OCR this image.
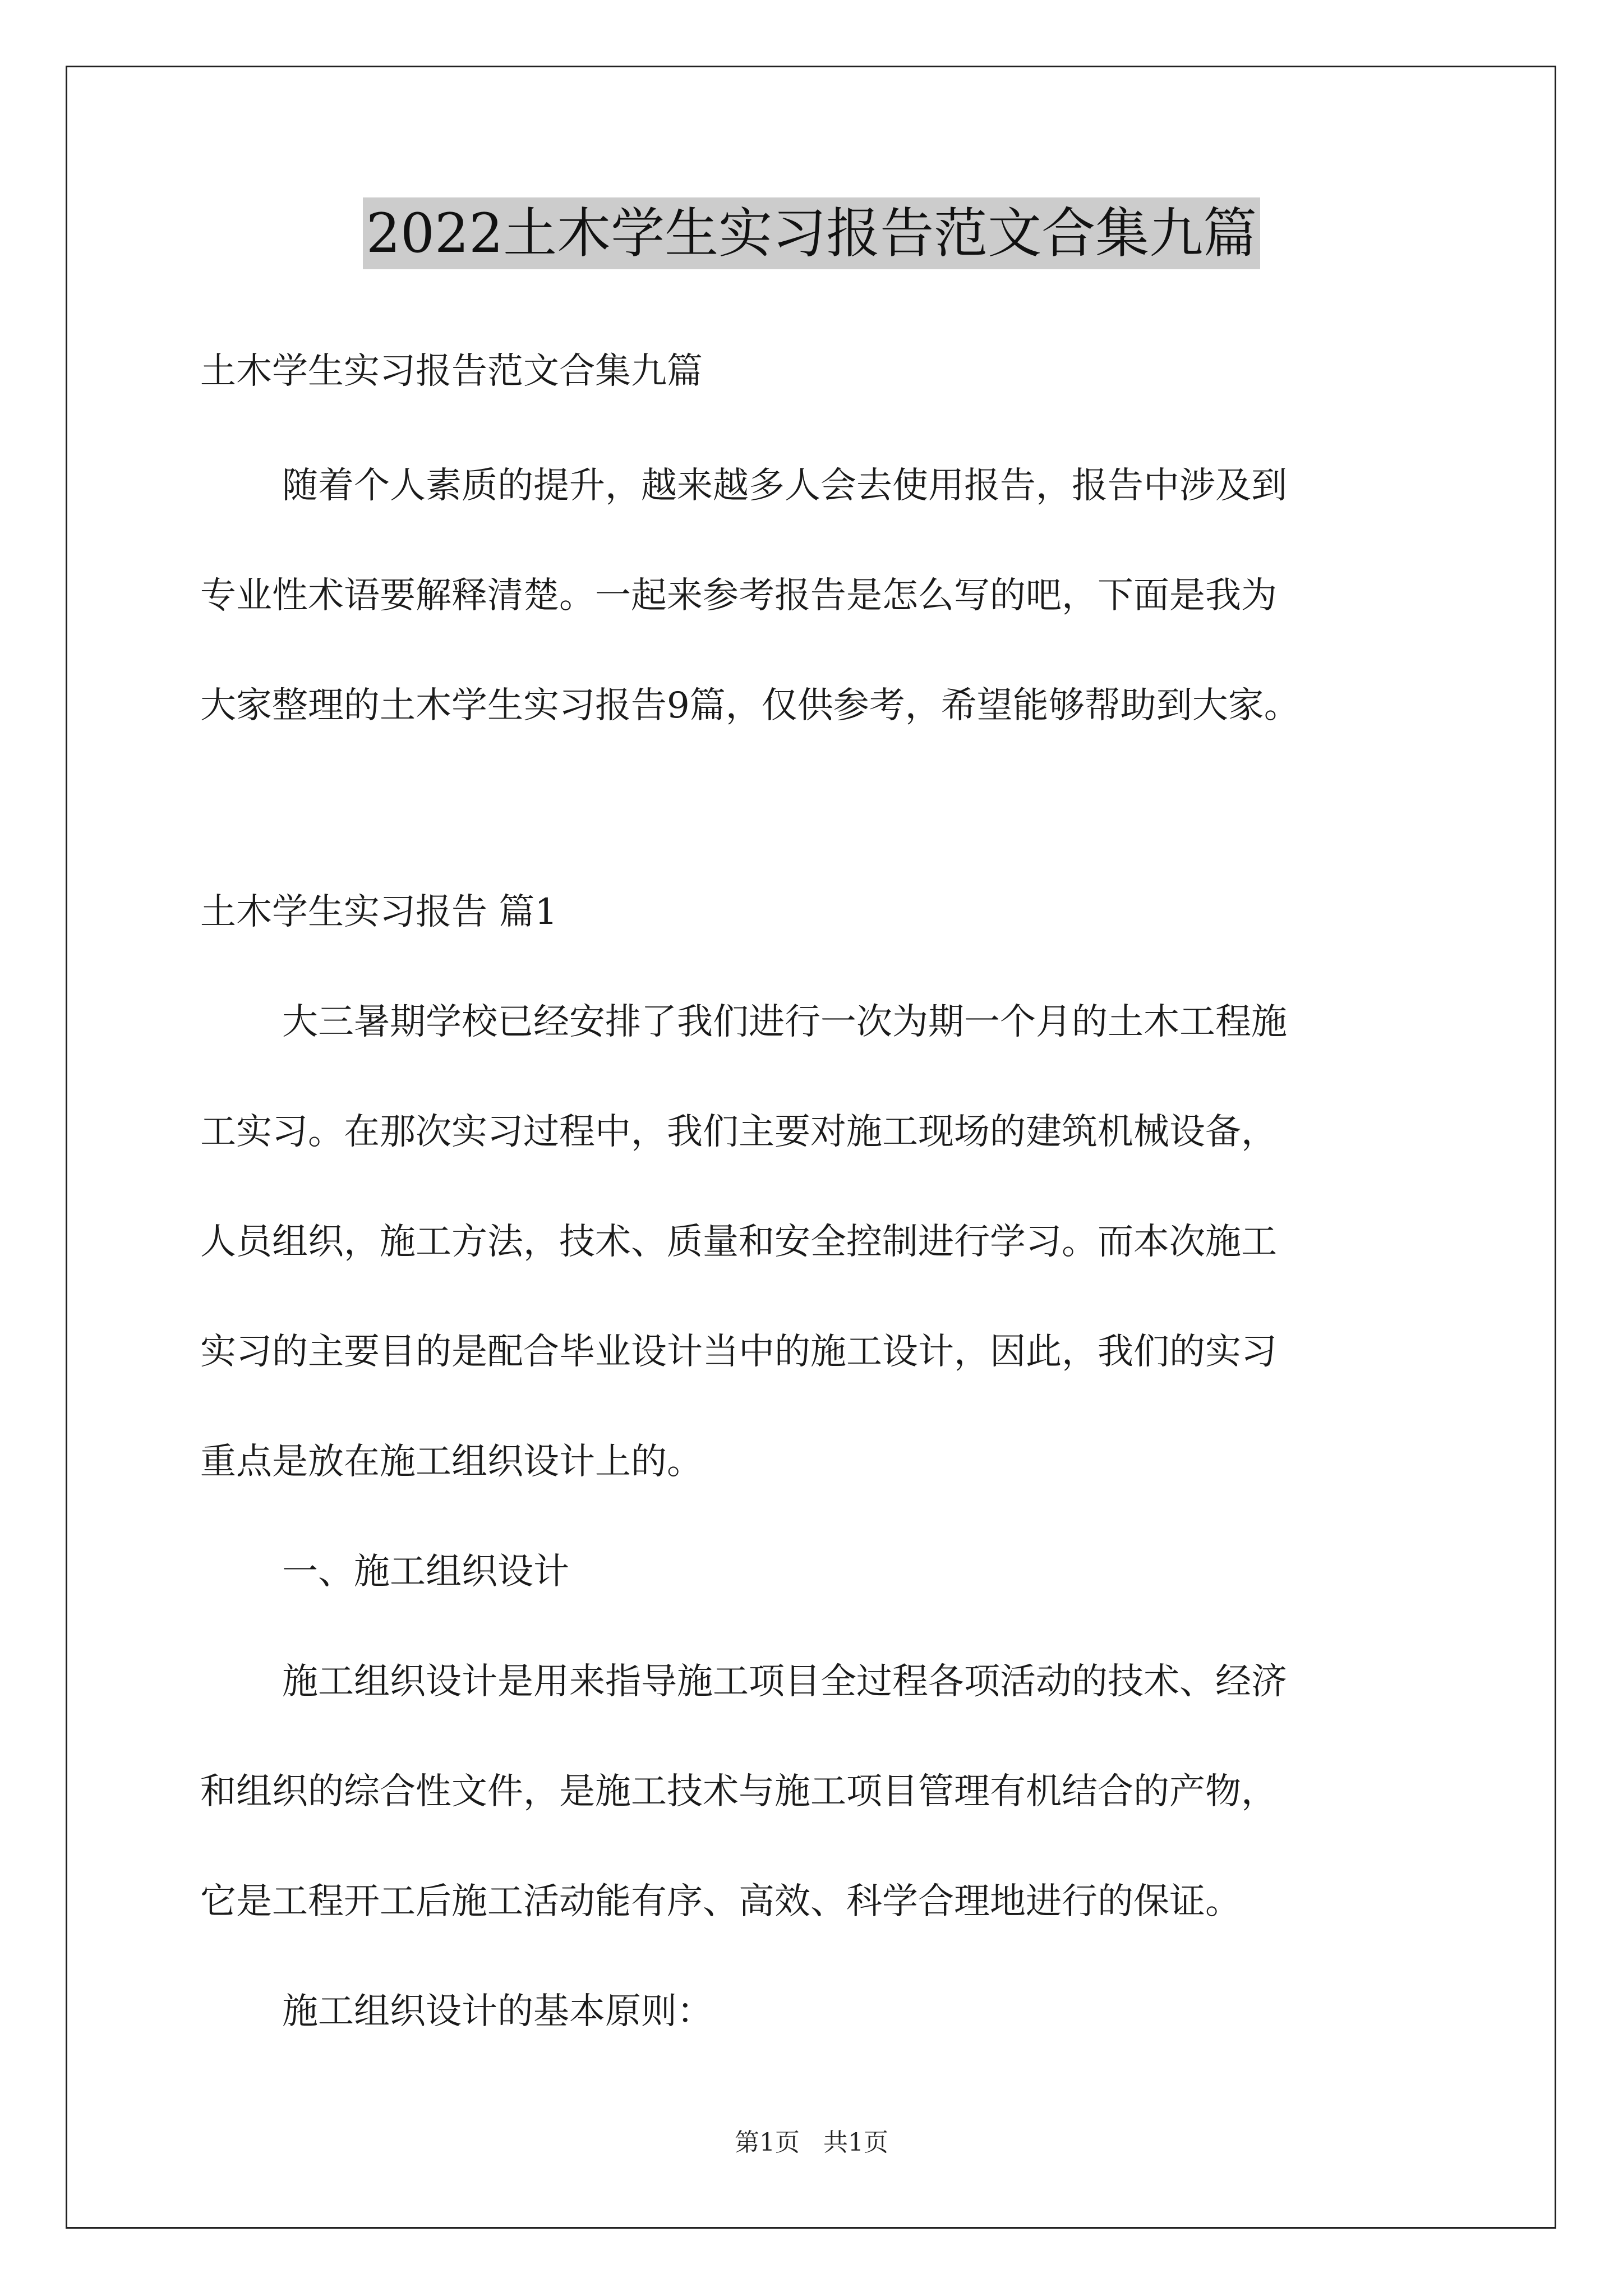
2022土木学生实习报告范文合集九篇
土木学生实习报告范文合集九篇
随着个人素质的提升，越来越多人会去使用报告，报告中涉及到
专业性术语要解释清楚。一起来参考报告是怎么写的吧，下面是我为
大家整理的土木学生实习报告9篇，仅供参考，希望能够帮助到大家。
土木学生实习报告 篇1
大三暑期学校已经安排了我们进行一次为期一个月的土木工程施
工实习。在那次实习过程中，我们主要对施工现场的建筑机械设备，
人员组织，施工方法，技术、质量和安全控制进行学习。而本次施工
实习的主要目的是配合毕业设计当中的施工设计，因此，我们的实习
重点是放在施工组织设计上的。
一、施工组织设计
施工组织设计是用来指导施工项目全过程各项活动的技术、经济
和组织的综合性文件，是施工技术与施工项目管理有机结合的产物，
它是工程开工后施工活动能有序、高效、科学合理地进行的保证。
施工组织设计的基本原则：
第1页 共1页
